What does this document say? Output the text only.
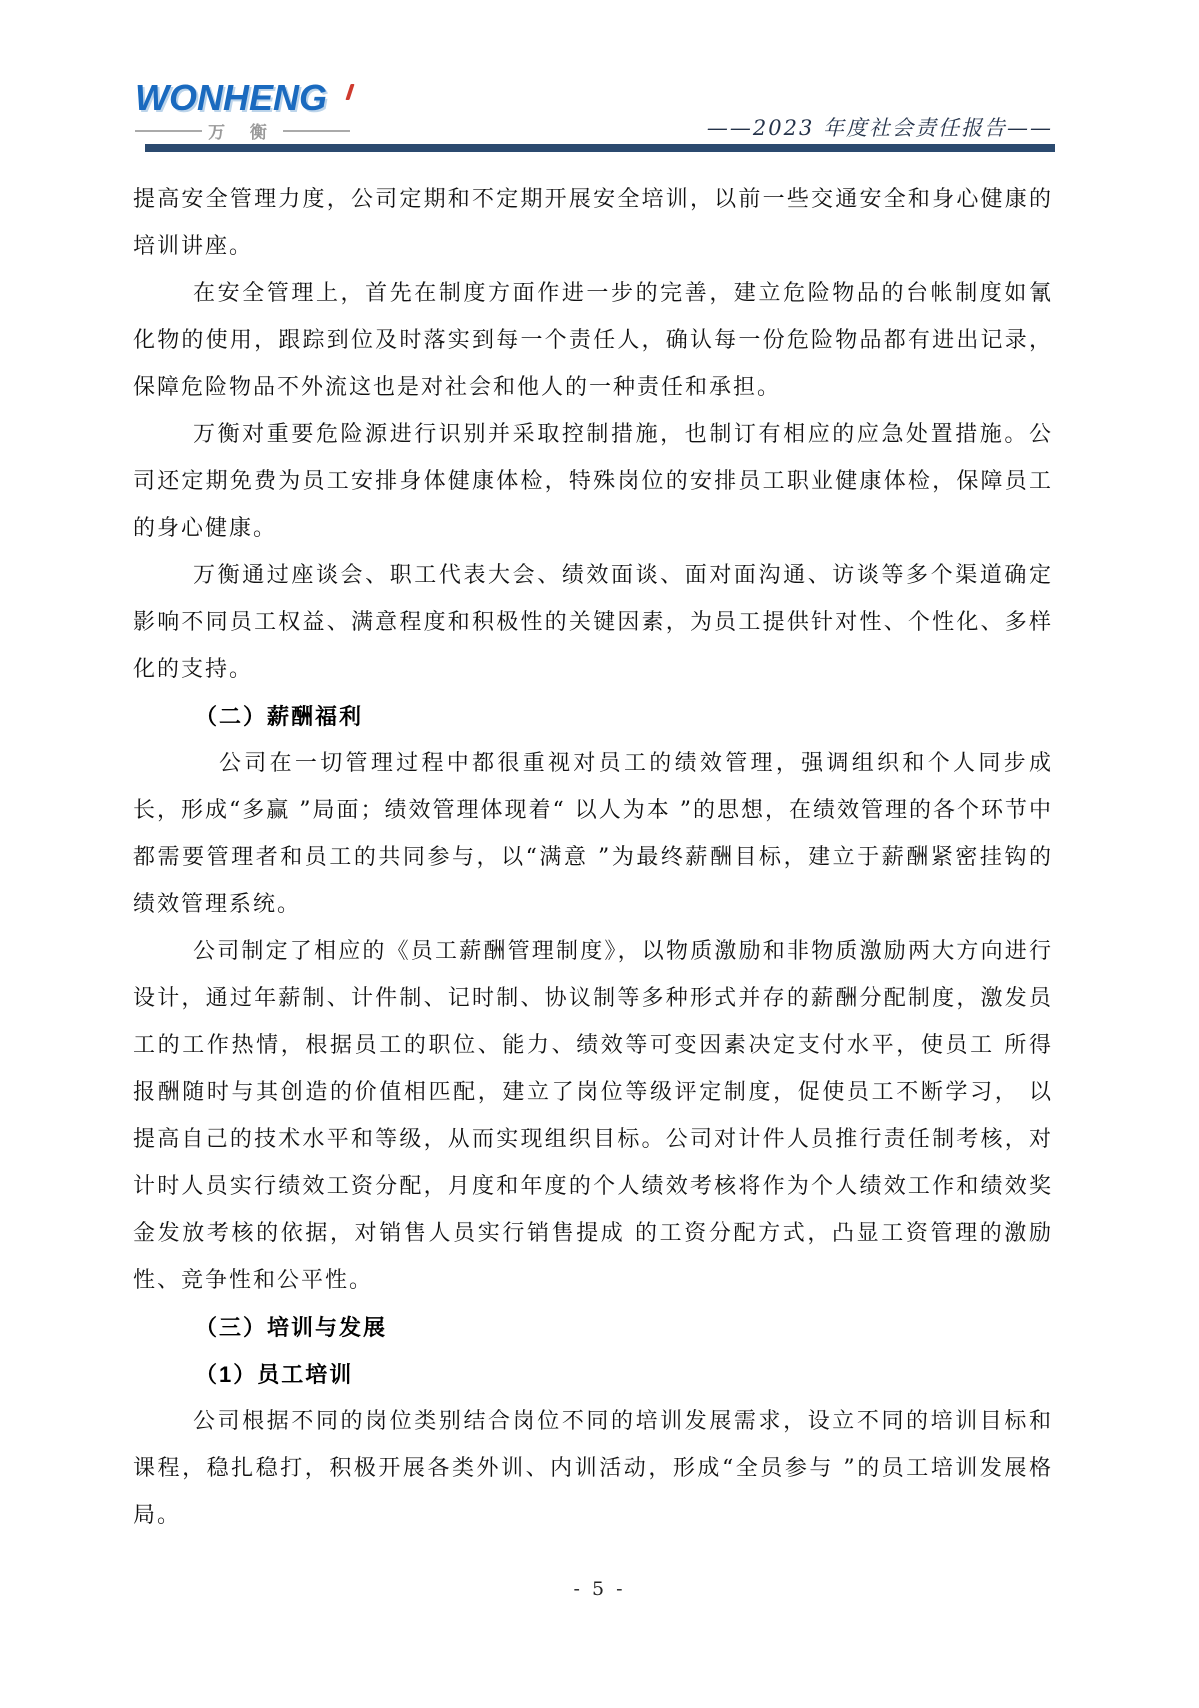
W ONHENG
万 衡	——2023 年度社会责任报告——

提高安全管理力度，公司定期和不定期开展安全培训，以前一些交通安全和身心健康的培训讲座。

在安全管理上，首先在制度方面作进一步的完善，建立危险物品的台帐制度如氰化物的使用，跟踪到位及时落实到每一个责任人，确认每一份危险物品都有进出记录，保障危险物品不外流这也是对社会和他人的一种责任和承担。

万衡对重要危险源进行识别并采取控制措施，也制订有相应的应急处置措施。公司还定期免费为员工安排身体健康体检，特殊岗位的安排员工职业健康体检，保障员工的身心健康。

万衡通过座谈会、职工代表大会、绩效面谈、面对面沟通、访谈等多个渠道确定影响不同员工权益、满意程度和积极性的关键因素，为员工提供针对性、个性化、多样化的支持。

（二）薪酬福利

公司在一切管理过程中都很重视对员工的绩效管理，强调组织和个人同步成长，形成“多赢 ”局面；绩效管理体现着“ 以人为本 ”的思想，在绩效管理的各个环节中都需要管理者和员工的共同参与，以“满意 ”为最终薪酬目标，建立于薪酬紧密挂钩的绩效管理系统。

公司制定了相应的《员工薪酬管理制度》，以物质激励和非物质激励两大方向进行设计，通过年薪制、计件制、记时制、协议制等多种形式并存的薪酬分配制度，激发员工的工作热情，根据员工的职位、能力、绩效等可变因素决定支付水平，使员工 所得报酬随时与其创造的价值相匹配，建立了岗位等级评定制度，促使员工不断学习， 以提高自己的技术水平和等级，从而实现组织目标。公司对计件人员推行责任制考核，对计时人员实行绩效工资分配，月度和年度的个人绩效考核将作为个人绩效工作和绩效奖金发放考核的依据，对销售人员实行销售提成 的工资分配方式，凸显工资管理的激励性、竞争性和公平性。

（三）培训与发展

（1）员工培训

公司根据不同的岗位类别结合岗位不同的培训发展需求，设立不同的培训目标和课程，稳扎稳打，积极开展各类外训、内训活动，形成“全员参与 ”的员工培训发展格局。

- 5 -
